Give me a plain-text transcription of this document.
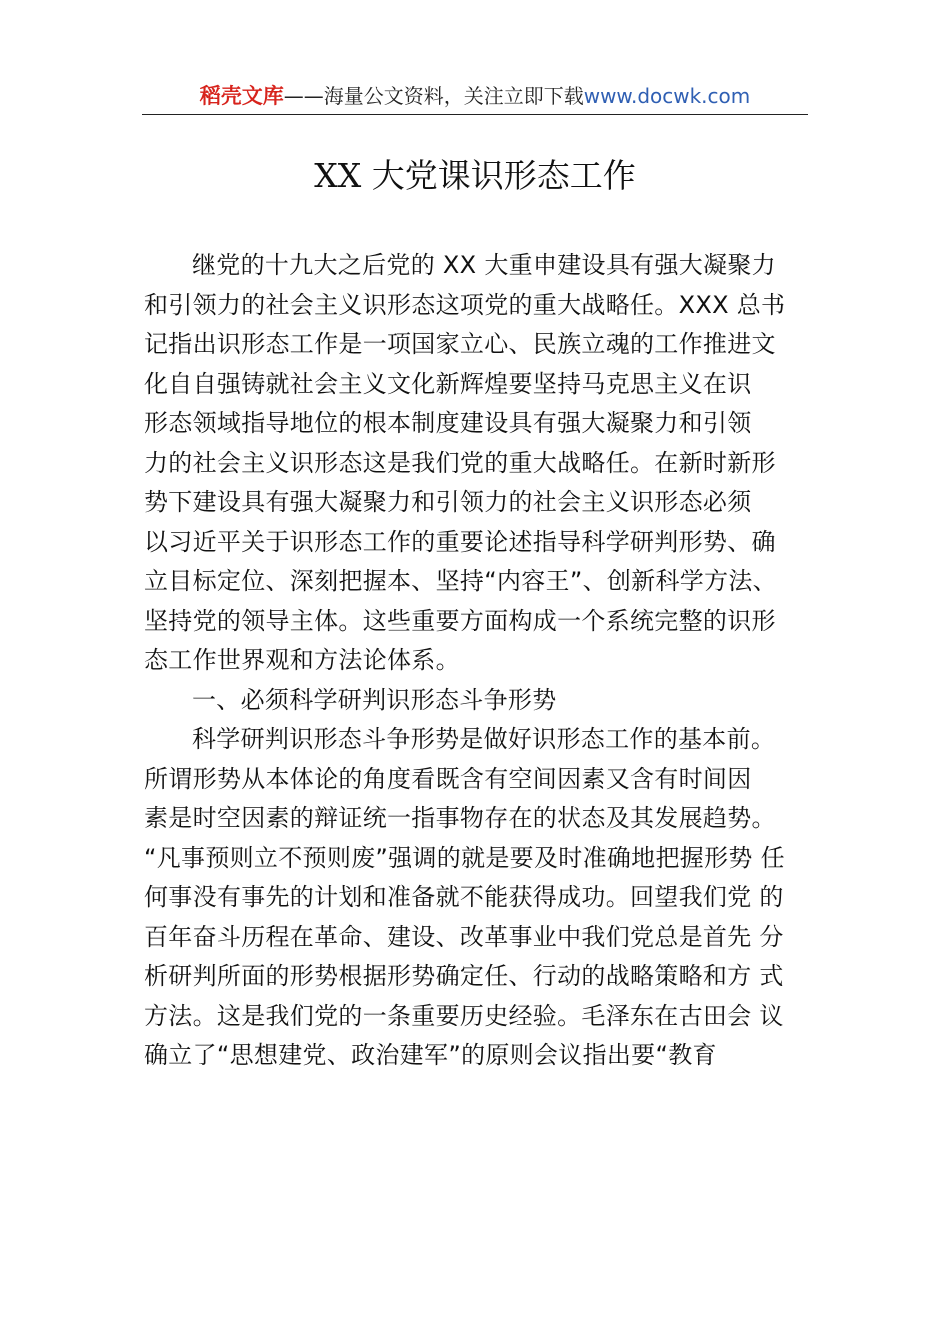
稻壳文库——海量公文资料，关注立即下载www.docwk.com
XX 大党课识形态工作
继党的十九大之后党的 XX 大重申建设具有强大凝聚力
和引领力的社会主义识形态这项党的重大战略任。XXX 总书
记指出识形态工作是一项国家立心、民族立魂的工作推进文
化自自强铸就社会主义文化新辉煌要坚持马克思主义在识
形态领域指导地位的根本制度建设具有强大凝聚力和引领
力的社会主义识形态这是我们党的重大战略任。在新时新形
势下建设具有强大凝聚力和引领力的社会主义识形态必须
以习近平关于识形态工作的重要论述指导科学研判形势、确
立目标定位、深刻把握本、坚持“内容王”、创新科学方法、
坚持党的领导主体。这些重要方面构成一个系统完整的识形
态工作世界观和方法论体系。
一、必须科学研判识形态斗争形势
科学研判识形态斗争形势是做好识形态工作的基本前。
所谓形势从本体论的角度看既含有空间因素又含有时间因
素是时空因素的辩证统一指事物存在的状态及其发展趋势。
“凡事预则立不预则废”强调的就是要及时准确地把握形势 任
何事没有事先的计划和准备就不能获得成功。回望我们党 的
百年奋斗历程在革命、建设、改革事业中我们党总是首先 分
析研判所面的形势根据形势确定任、行动的战略策略和方 式
方法。这是我们党的一条重要历史经验。毛泽东在古田会 议
确立了“思想建党、政治建军”的原则会议指出要“教育
